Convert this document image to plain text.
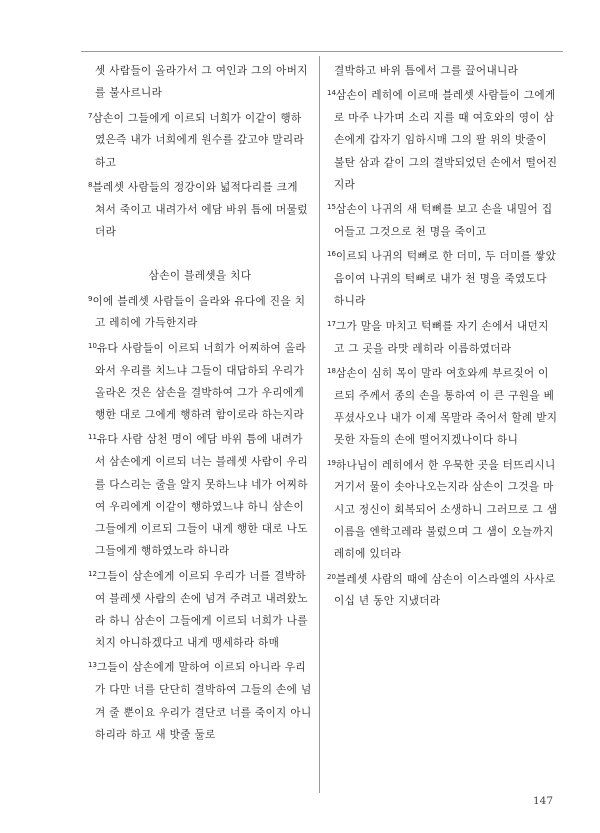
셋 사람들이 올라가서 그 여인과 그의 아버지를 불사르니라

$^7$삼손이 그들에게 이르되 너희가 이같이 행하였은즉 내가 너희에게 원수를 갚고야 말리라 하고

$^8$블레셋 사람들의 정강이와 넓적다리를 크게 쳐서 죽이고 내려가서 에담 바위 틈에 머물렀더라

삼손이 블레셋을 치다

$^9$이에 블레셋 사람들이 올라와 유다에 진을 치고 레히에 가득한지라

$^{10}$유다 사람들이 이르되 너희가 어찌하여 올라와서 우리를 치느냐 그들이 대답하되 우리가 올라온 것은 삼손을 결박하여 그가 우리에게 행한 대로 그에게 행하려 함이로라 하는지라

$^{11}$유다 사람 삼천 명이 에담 바위 틈에 내려가서 삼손에게 이르되 너는 블레셋 사람이 우리를 다스리는 줄을 알지 못하느냐 네가 어찌하여 우리에게 이같이 행하였느냐 하니 삼손이 그들에게 이르되 그들이 내게 행한 대로 나도 그들에게 행하였노라 하니라

$^{12}$그들이 삼손에게 이르되 우리가 너를 결박하여 블레셋 사람의 손에 넘겨 주려고 내려왔노라 하니 삼손이 그들에게 이르되 너희가 나를 치지 아니하겠다고 내게 맹세하라 하매

$^{13}$그들이 삼손에게 말하여 이르되 아니라 우리가 다만 너를 단단히 결박하여 그들의 손에 넘겨 줄 뿐이요 우리가 결단코 너를 죽이지 아니하리라 하고 새 밧줄 둘로

결박하고 바위 틈에서 그를 끌어내니라

$^{14}$삼손이 레히에 이르매 블레셋 사람들이 그에게로 마주 나가며 소리 지를 때 여호와의 영이 삼손에게 갑자기 임하시매 그의 팔 위의 밧줄이 불탄 삼과 같이 그의 결박되었던 손에서 떨어진지라

$^{15}$삼손이 나귀의 새 턱뼈를 보고 손을 내밀어 집어들고 그것으로 천 명을 죽이고

$^{16}$이르되 나귀의 턱뼈로 한 더미, 두 더미를 쌓았음이여 나귀의 턱뼈로 내가 천 명을 죽였도다 하니라

$^{17}$그가 말을 마치고 턱뼈를 자기 손에서 내던지고 그 곳을 라맛 레히라 이름하였더라

$^{18}$삼손이 심히 목이 말라 여호와께 부르짖어 이르되 주께서 종의 손을 통하여 이 큰 구원을 베푸셨사오나 내가 이제 목말라 죽어서 할례 받지 못한 자들의 손에 떨어지겠나이다 하니

$^{19}$하나님이 레히에서 한 우묵한 곳을 터뜨리시니 거기서 물이 솟아나오는지라 삼손이 그것을 마시고 정신이 회복되어 소생하니 그러므로 그 샘 이름을 엔학고레라 불렀으며 그 샘이 오늘까지 레히에 있더라

$^{20}$블레셋 사람의 때에 삼손이 이스라엘의 사사로 이십 년 동안 지냈더라

147
